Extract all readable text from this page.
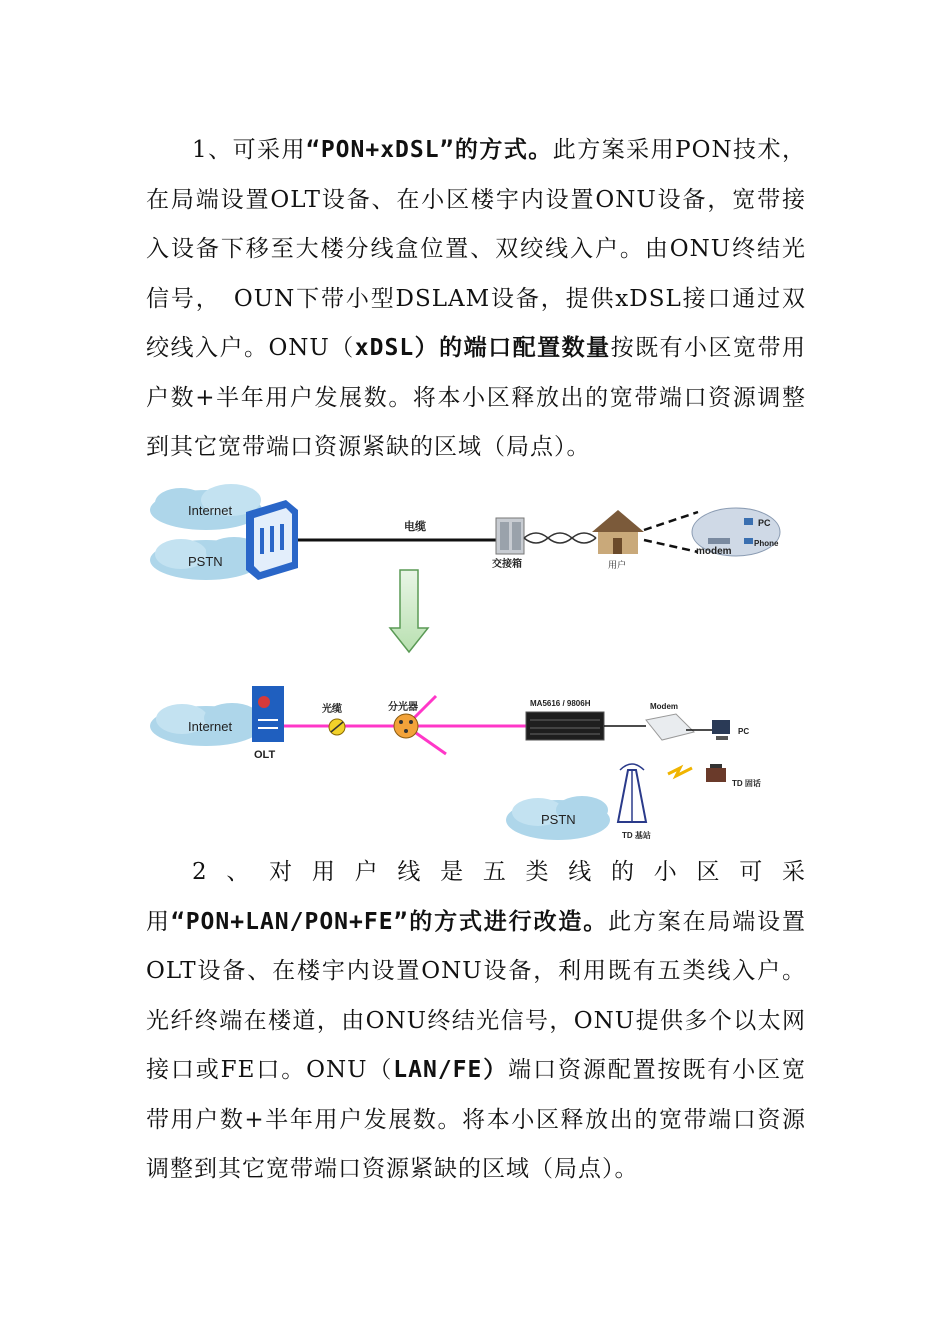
1、可采用“PON+xDSL”的方式。此方案采用PON技术，在局端设置OLT设备、在小区楼宇内设置ONU设备，宽带接入设备下移至大楼分线盒位置、双绞线入户。由ONU终结光信号，　OUN下带小型DSLAM设备，提供xDSL接口通过双绞线入户。ONU（xDSL）的端口配置数量按既有小区宽带用户数+半年用户发展数。将本小区释放出的宽带端口资源调整到其它宽带端口资源紧缺的区域（局点）。
Internet
PSTN
电缆
交接箱	用户
PC
Phone
modem
Internet
OLT
光缆	分光器	MA5616 / 9806H	Modem
PC
TD 基站
TD 固话
PSTN
2、对用户线是五类线的小区可采用“PON+LAN/PON+FE”的方式进行改造。此方案在局端设置OLT设备、在楼宇内设置ONU设备，利用既有五类线入户。光纤终端在楼道，由ONU终结光信号，ONU提供多个以太网接口或FE口。ONU（LAN/FE）端口资源配置按既有小区宽带用户数+半年用户发展数。将本小区释放出的宽带端口资源调整到其它宽带端口资源紧缺的区域（局点）。
